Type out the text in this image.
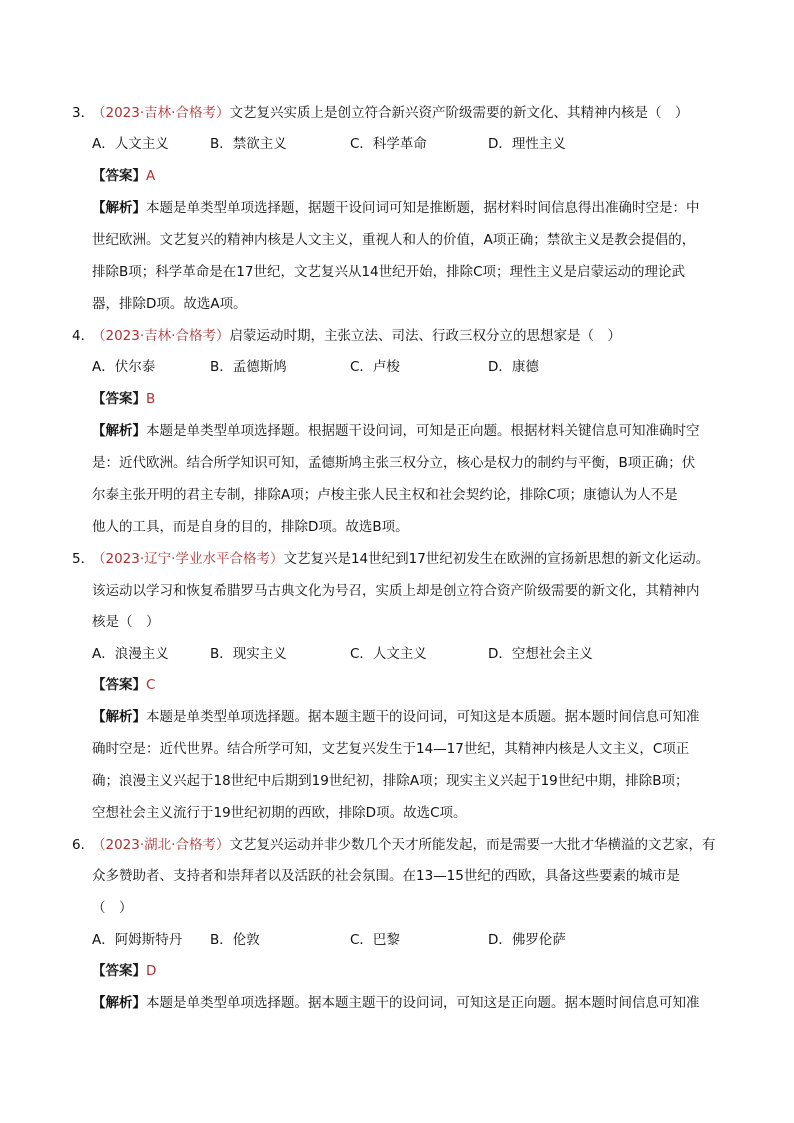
3．（2023·吉林·合格考）文艺复兴实质上是创立符合新兴资产阶级需要的新文化、其精神内核是（　）
A．人文主义	B．禁欲主义	C．科学革命	D．理性主义
【答案】A
【解析】本题是单类型单项选择题，据题干设问词可知是推断题，据材料时间信息得出准确时空是：中
世纪欧洲。文艺复兴的精神内核是人文主义，重视人和人的价值，A项正确；禁欲主义是教会提倡的，
排除B项；科学革命是在17世纪，文艺复兴从14世纪开始，排除C项；理性主义是启蒙运动的理论武
器，排除D项。故选A项。
4．（2023·吉林·合格考）启蒙运动时期，主张立法、司法、行政三权分立的思想家是（　）
A．伏尔泰	B．孟德斯鸠	C．卢梭	D．康德
【答案】B
【解析】本题是单类型单项选择题。根据题干设问词，可知是正向题。根据材料关键信息可知准确时空
是：近代欧洲。结合所学知识可知，孟德斯鸠主张三权分立，核心是权力的制约与平衡，B项正确；伏
尔泰主张开明的君主专制，排除A项；卢梭主张人民主权和社会契约论，排除C项；康德认为人不是
他人的工具，而是自身的目的，排除D项。故选B项。
5．（2023·辽宁·学业水平合格考）文艺复兴是14世纪到17世纪初发生在欧洲的宣扬新思想的新文化运动。
该运动以学习和恢复希腊罗马古典文化为号召，实质上却是创立符合资产阶级需要的新文化，其精神内
核是（　）
A．浪漫主义	B．现实主义	C．人文主义	D．空想社会主义
【答案】C
【解析】本题是单类型单项选择题。据本题主题干的设问词，可知这是本质题。据本题时间信息可知准
确时空是：近代世界。结合所学可知，文艺复兴发生于14—17世纪，其精神内核是人文主义，C项正
确；浪漫主义兴起于18世纪中后期到19世纪初，排除A项；现实主义兴起于19世纪中期，排除B项；
空想社会主义流行于19世纪初期的西欧，排除D项。故选C项。
6．（2023·湖北·合格考）文艺复兴运动并非少数几个天才所能发起，而是需要一大批才华横溢的文艺家，有
众多赞助者、支持者和崇拜者以及活跃的社会氛围。在13—15世纪的西欧，具备这些要素的城市是
（　）
A．阿姆斯特丹 B．伦敦	C．巴黎	D．佛罗伦萨
【答案】D
【解析】本题是单类型单项选择题。据本题主题干的设问词，可知这是正向题。据本题时间信息可知准
